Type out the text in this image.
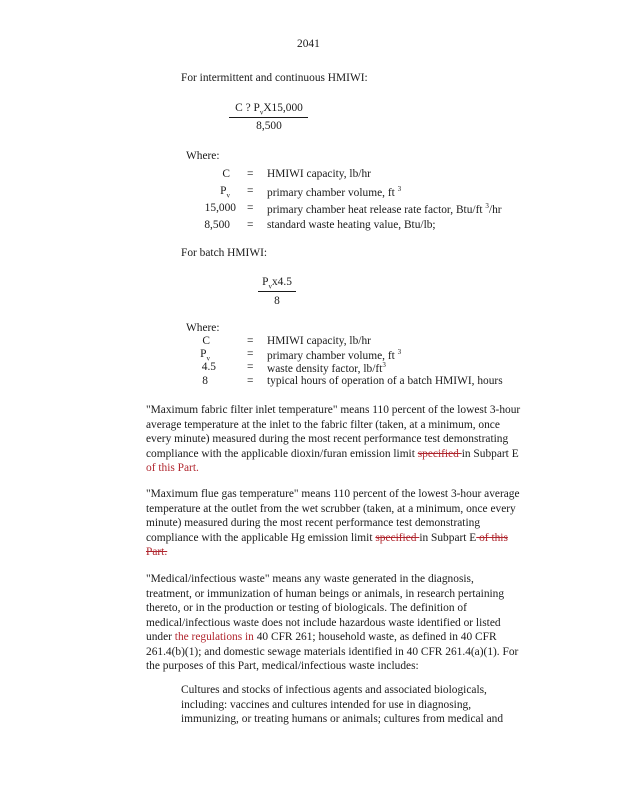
2041
For intermittent and continuous HMIWI:
C ? $P_vX15,000$
8,500
Where:
C = HMIWI capacity, lb/hr
$P_v$ = primary chamber volume, ft $^3$
15,000 = primary chamber heat release rate factor, Btu/ft $^3$/hr
8,500 = standard waste heating value, Btu/lb;
For batch HMIWI:
$P_vx4.5$
8
Where:
C	= HMIWI capacity, lb/hr
$P_v$	= primary chamber volume, ft $^3$
4.5	= waste density factor, $lb/ft^3$
8	= typical hours of operation of a batch HMIWI, hours

"Maximum fabric filter inlet temperature" means 110 percent of the lowest 3-hour

average temperature at the inlet to the fabric filter (taken, at a minimum, once

every minute) measured during the most recent performance test demonstrating

compliance with the applicable dioxin/furan emission limit specified in Subpart E

of this Part.

"Maximum flue gas temperature" means 110 percent of the lowest 3-hour average

temperature at the outlet from the wet scrubber (taken, at a minimum, once every

minute) measured during the most recent performance test demonstrating

compliance with the applicable Hg emission limit specified in Subpart E of this

Part.

"Medical/infectious waste" means any waste generated in the diagnosis,

treatment, or immunization of human beings or animals, in research pertaining

thereto, or in the production or testing of biologicals. The definition of

medical/infectious waste does not include hazardous waste identified or listed

under the regulations in 40 CFR 261; household waste, as defined in 40 CFR

261.4(b)(1); and domestic sewage materials identified in 40 CFR 261.4(a)(1). For

the purposes of this Part, medical/infectious waste includes:

Cultures and stocks of infectious agents and associated biologicals,

including: vaccines and cultures intended for use in diagnosing,

immunizing, or treating humans or animals; cultures from medical and
